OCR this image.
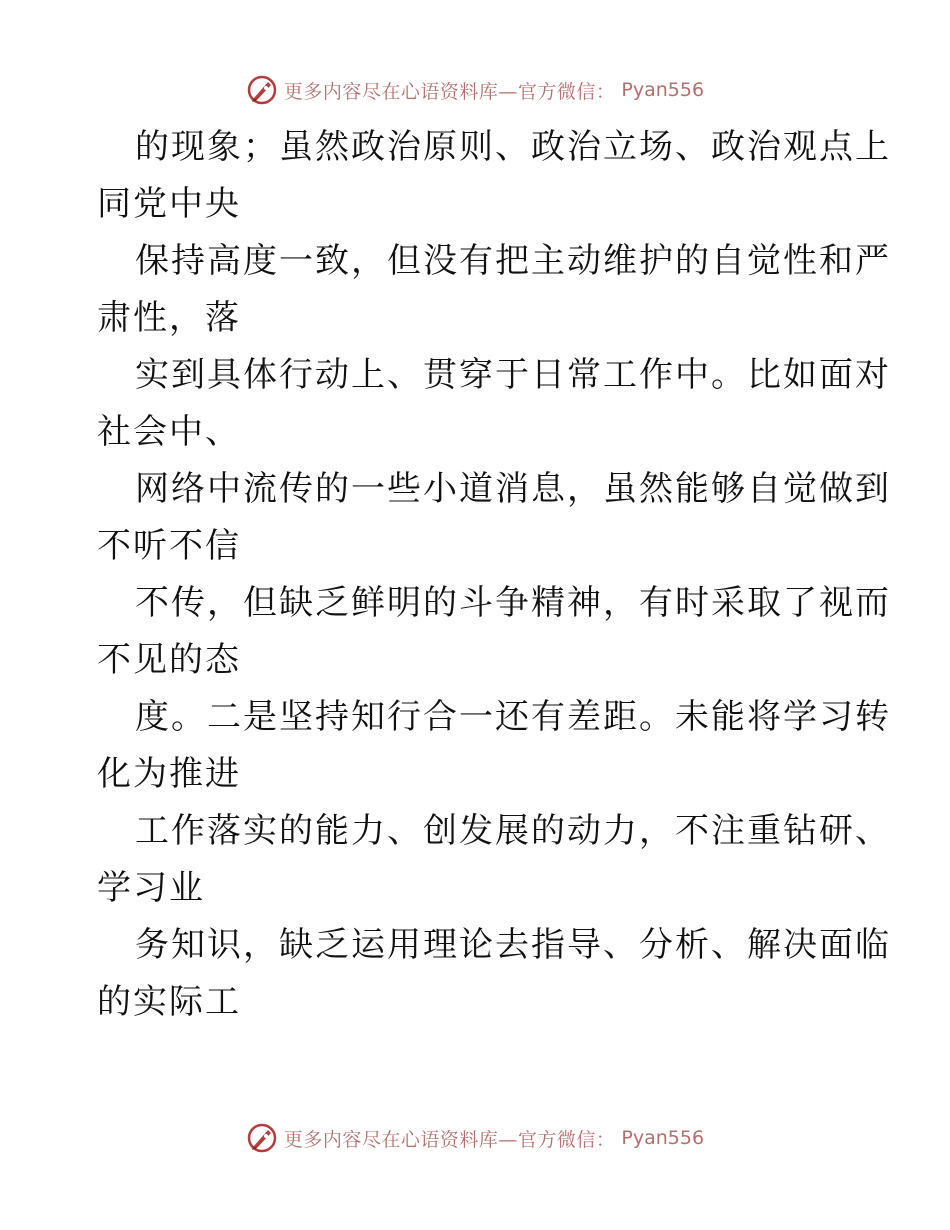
更多内容尽在心语资料库—官方微信： Pyan556
的现象；虽然政治原则、政治立场、政治观点上
同党中央
保持高度一致，但没有把主动维护的自觉性和严
肃性，落
实到具体行动上、贯穿于日常工作中。比如面对
社会中、
网络中流传的一些小道消息，虽然能够自觉做到
不听不信
不传，但缺乏鲜明的斗争精神，有时采取了视而
不见的态
度。二是坚持知行合一还有差距。未能将学习转
化为推进
工作落实的能力、创发展的动力，不注重钻研、
学习业
务知识，缺乏运用理论去指导、分析、解决面临
的实际工
更多内容尽在心语资料库—官方微信： Pyan556
